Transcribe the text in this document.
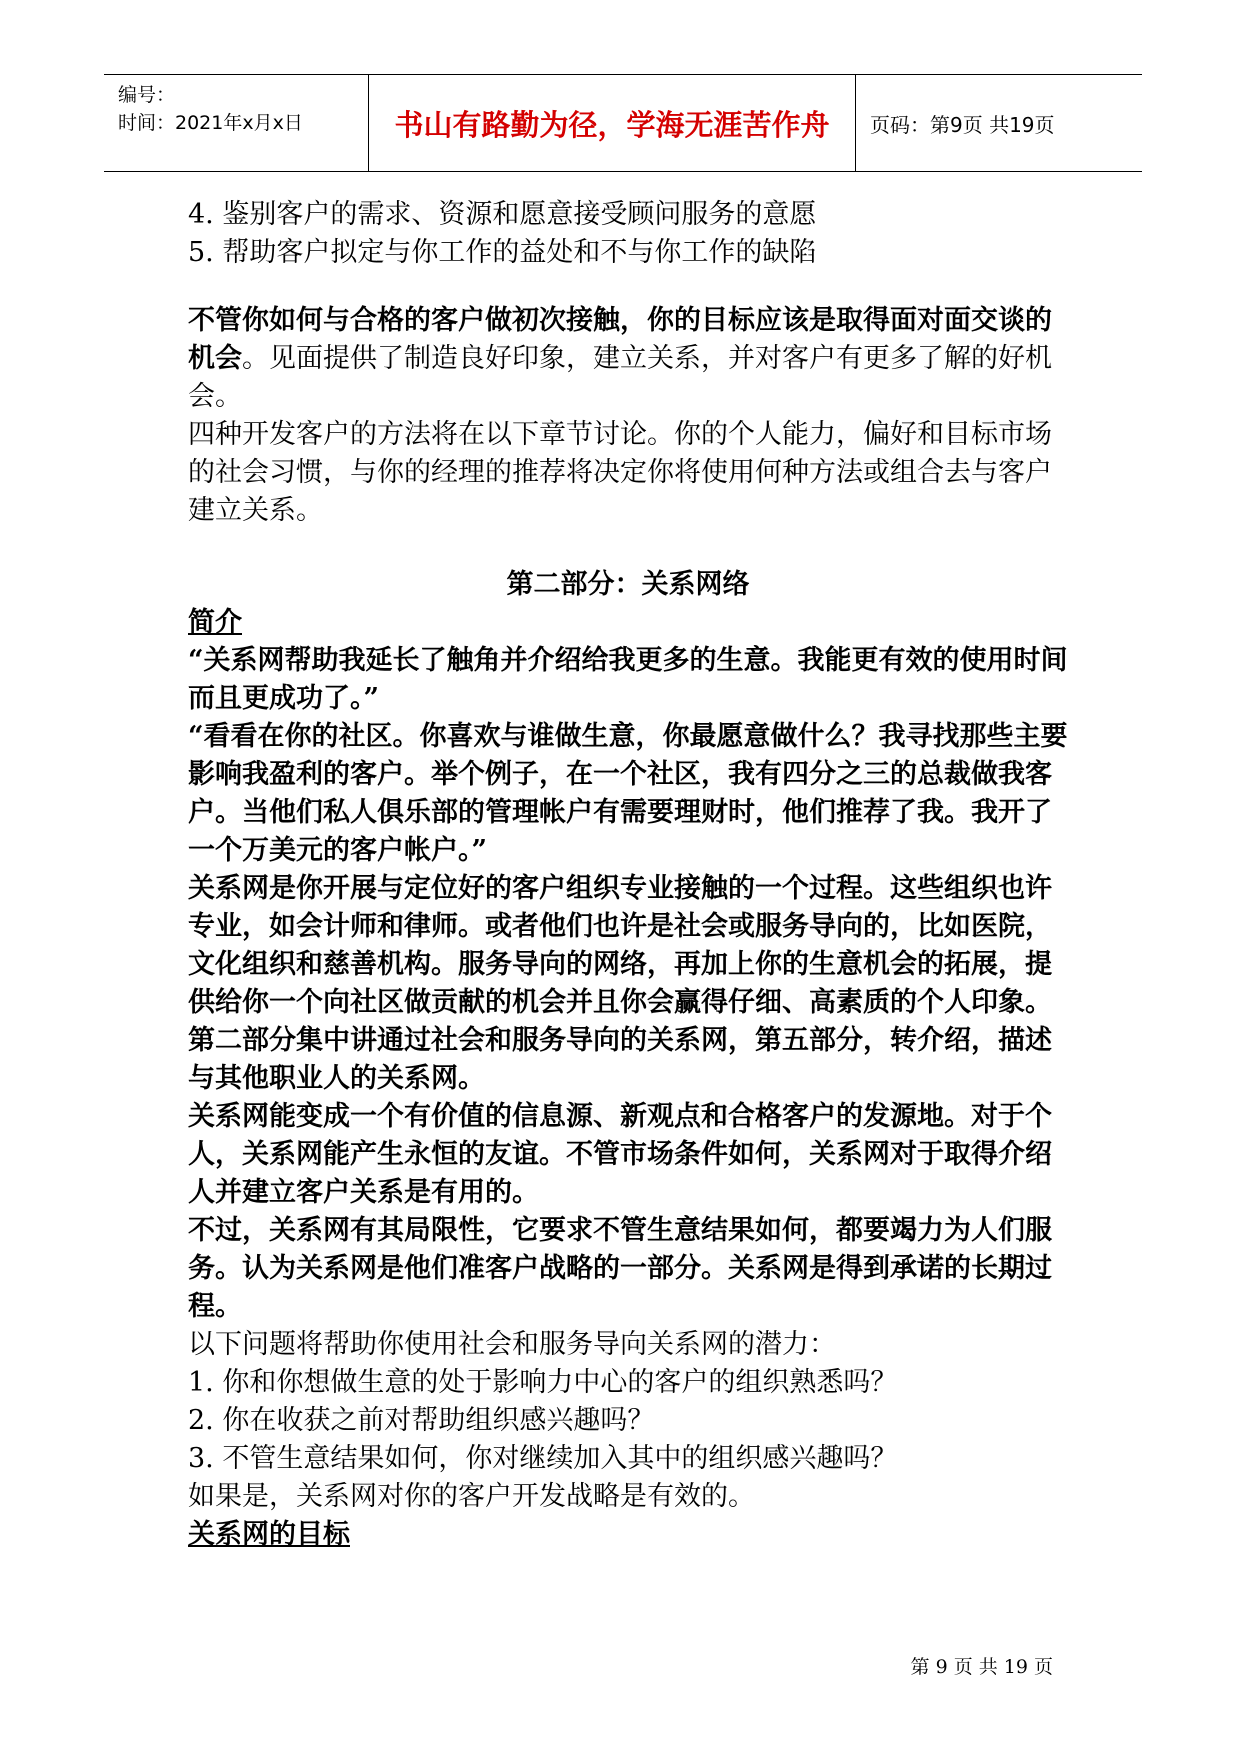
编号：
时间：2021年x月x日	书山有路勤为径，学海无涯苦作舟	页码：第9页 共19页

4. 鉴别客户的需求、资源和愿意接受顾问服务的意愿

5. 帮助客户拟定与你工作的益处和不与你工作的缺陷

不管你如何与合格的客户做初次接触，你的目标应该是取得面对面交谈的机会。见面提供了制造良好印象，建立关系，并对客户有更多了解的好机会。

四种开发客户的方法将在以下章节讨论。你的个人能力，偏好和目标市场的社会习惯，与你的经理的推荐将决定你将使用何种方法或组合去与客户建立关系。

第二部分：关系网络

简介

“关系网帮助我延长了触角并介绍给我更多的生意。我能更有效的使用时间而且更成功了。”

“看看在你的社区。你喜欢与谁做生意，你最愿意做什么？我寻找那些主要影响我盈利的客户。举个例子，在一个社区，我有四分之三的总裁做我客户。当他们私人俱乐部的管理帐户有需要理财时，他们推荐了我。我开了一个万美元的客户帐户。”

关系网是你开展与定位好的客户组织专业接触的一个过程。这些组织也许专业，如会计师和律师。或者他们也许是社会或服务导向的，比如医院，文化组织和慈善机构。服务导向的网络，再加上你的生意机会的拓展，提供给你一个向社区做贡献的机会并且你会赢得仔细、高素质的个人印象。

第二部分集中讲通过社会和服务导向的关系网，第五部分，转介绍，描述与其他职业人的关系网。

关系网能变成一个有价值的信息源、新观点和合格客户的发源地。对于个人，关系网能产生永恒的友谊。不管市场条件如何，关系网对于取得介绍人并建立客户关系是有用的。

不过，关系网有其局限性，它要求不管生意结果如何，都要竭力为人们服务。认为关系网是他们准客户战略的一部分。关系网是得到承诺的长期过程。

以下问题将帮助你使用社会和服务导向关系网的潜力：

1. 你和你想做生意的处于影响力中心的客户的组织熟悉吗？

2. 你在收获之前对帮助组织感兴趣吗？

3. 不管生意结果如何，你对继续加入其中的组织感兴趣吗？

如果是，关系网对你的客户开发战略是有效的。

关系网的目标

第 9 页 共 19 页
